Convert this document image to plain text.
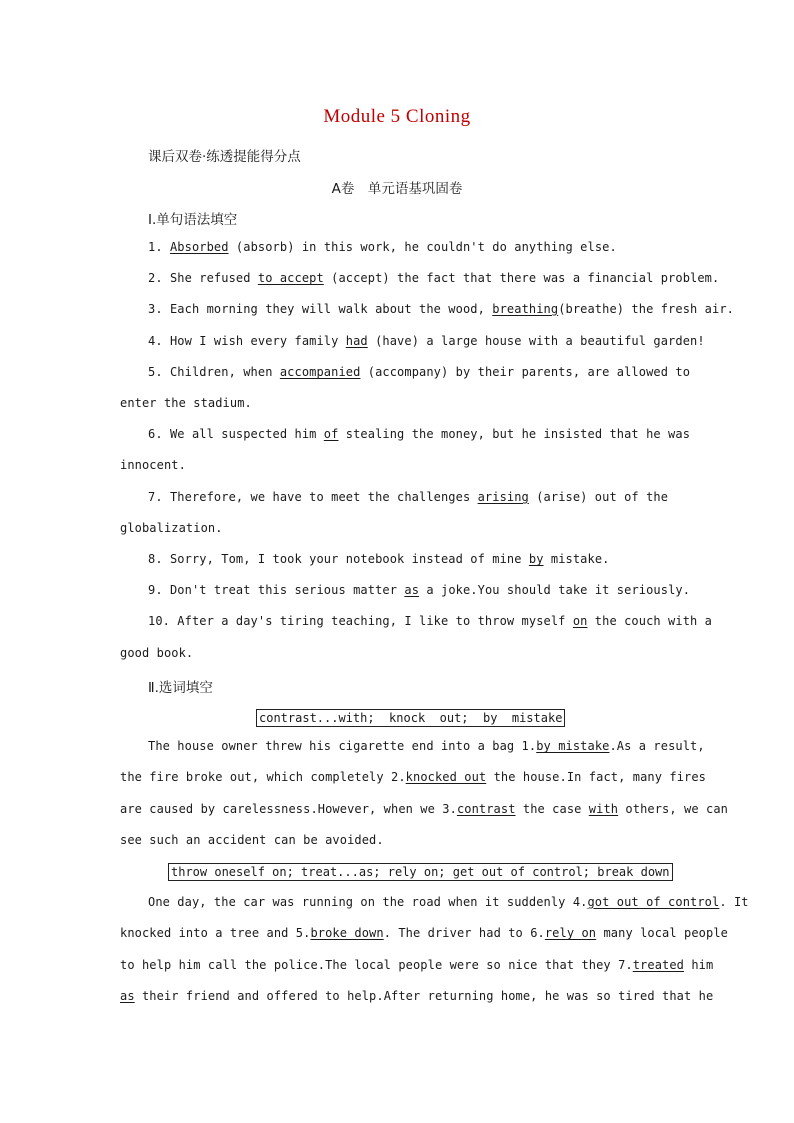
Module 5 Cloning
课后双卷·练透提能得分点
A卷　单元语基巩固卷
Ⅰ.单句语法填空
1. Absorbed (absorb) in this work, he couldn't do anything else.
2. She refused to accept (accept) the fact that there was a financial problem.
3. Each morning they will walk about the wood, breathing(breathe) the fresh air.
4. How I wish every family had (have) a large house with a beautiful garden!
5. Children, when accompanied (accompany) by their parents, are allowed to
enter the stadium.
6. We all suspected him of stealing the money, but he insisted that he was
innocent.
7. Therefore, we have to meet the challenges arising (arise) out of the
globalization.
8. Sorry, Tom, I took your notebook instead of mine by mistake.
9. Don't treat this serious matter as a joke.You should take it seriously.
10. After a day's tiring teaching, I like to throw myself on the couch with a
good book.
Ⅱ.选词填空
contrast...with;  knock  out;  by  mistake
The house owner threw his cigarette end into a bag 1.by mistake.As a result,
the fire broke out, which completely 2.knocked out the house.In fact, many fires
are caused by carelessness.However, when we 3.contrast the case with others, we can
see such an accident can be avoided.
throw oneself on; treat...as; rely on; get out of control; break down
One day, the car was running on the road when it suddenly 4.got out of control. It
knocked into a tree and 5.broke down. The driver had to 6.rely on many local people
to help him call the police.The local people were so nice that they 7.treated him
as their friend and offered to help.After returning home, he was so tired that he
